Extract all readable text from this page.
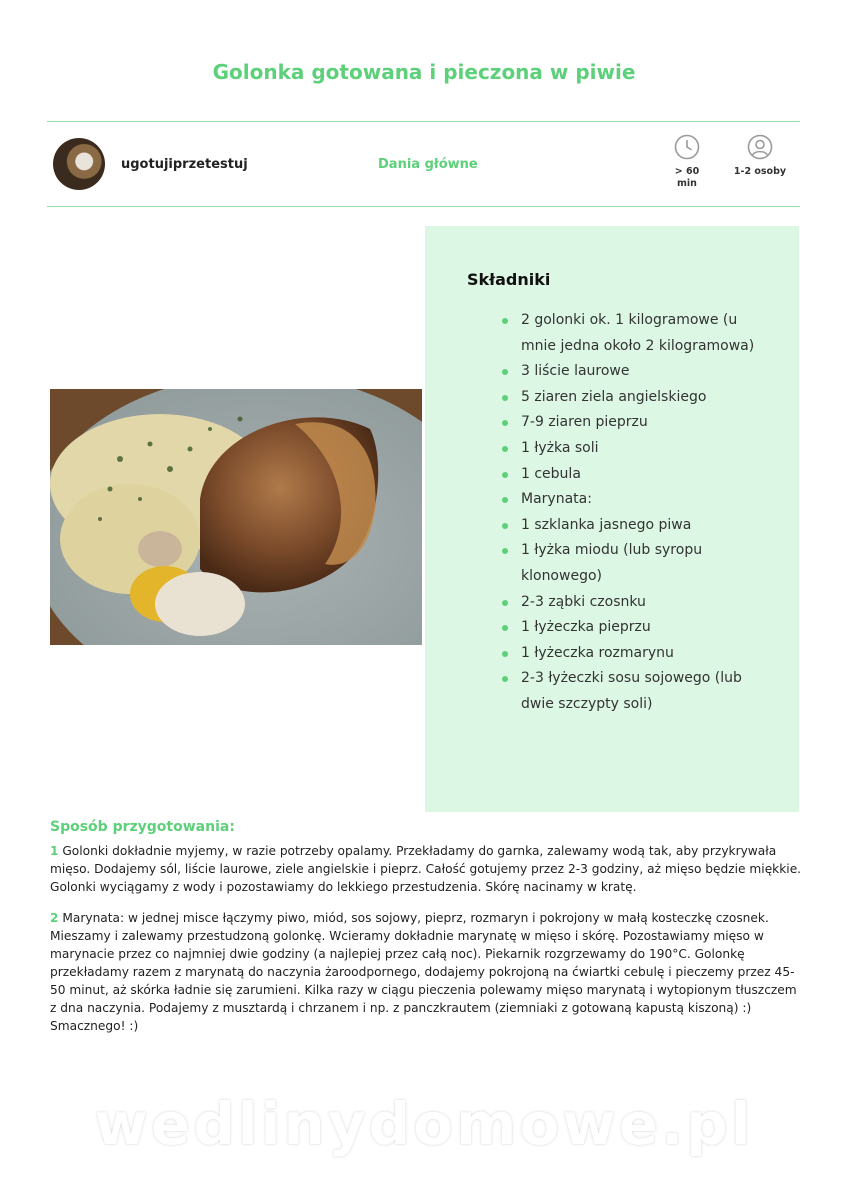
Golonka gotowana i pieczona w piwie
ugotujiprzetestuj	Dania główne	> 60
min
1-2 osoby
Składniki
2 golonki ok. 1 kilogramowe (u mnie jedna około 2 kilogramowa)
3 liście laurowe
5 ziaren ziela angielskiego
7-9 ziaren pieprzu
1 łyżka soli
1 cebula
Marynata:
1 szklanka jasnego piwa
1 łyżka miodu (lub syropu klonowego)
2-3 ząbki czosnku
1 łyżeczka pieprzu
1 łyżeczka rozmarynu
2-3 łyżeczki sosu sojowego (lub dwie szczypty soli)
Sposób przygotowania:

1 Golonki dokładnie myjemy, w razie potrzeby opalamy. Przekładamy do garnka, zalewamy wodą tak, aby przykrywała mięso. Dodajemy sól, liście laurowe, ziele angielskie i pieprz. Całość gotujemy przez 2-3 godziny, aż mięso będzie miękkie. Golonki wyciągamy z wody i pozostawiamy do lekkiego przestudzenia. Skórę nacinamy w kratę.

2 Marynata: w jednej misce łączymy piwo, miód, sos sojowy, pieprz, rozmaryn i pokrojony w małą kosteczkę czosnek. Mieszamy i zalewamy przestudzoną golonkę. Wcieramy dokładnie marynatę w mięso i skórę. Pozostawiamy mięso w marynacie przez co najmniej dwie godziny (a najlepiej przez całą noc). Piekarnik rozgrzewamy do 190°C. Golonkę przekładamy razem z marynatą do naczynia żaroodpornego, dodajemy pokrojoną na ćwiartki cebulę i pieczemy przez 45-50 minut, aż skórka ładnie się zarumieni. Kilka razy w ciągu pieczenia polewamy mięso marynatą i wytopionym tłuszczem z dna naczynia. Podajemy z musztardą i chrzanem i np. z panczkrautem (ziemniaki z gotowaną kapustą kiszoną) :) Smacznego! :)

wedlinydomowe.pl
